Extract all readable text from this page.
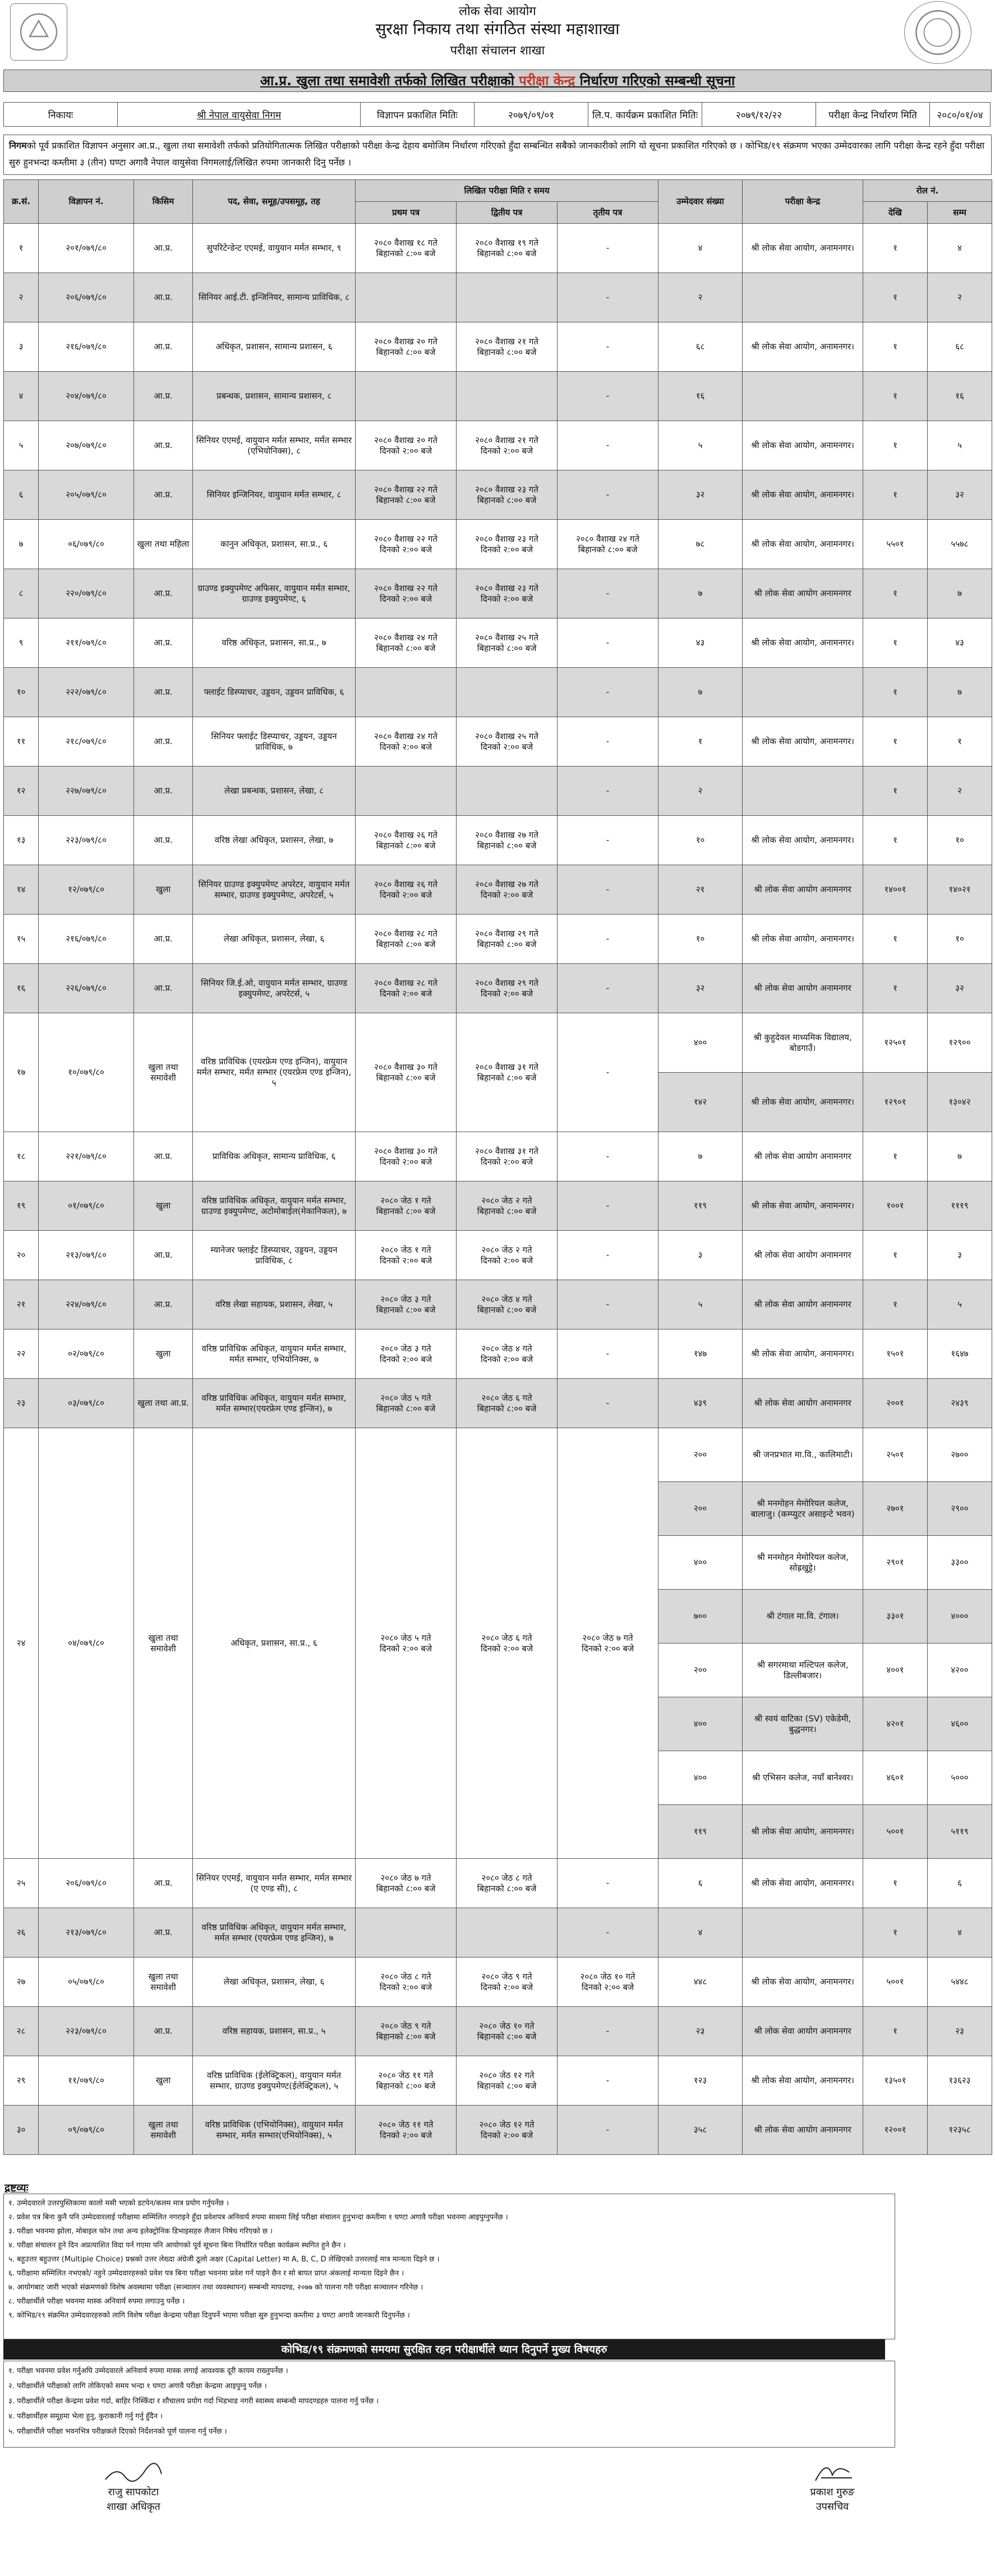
लोक सेवा आयोग
सुरक्षा निकाय तथा संगठित संस्था महाशाखा
परीक्षा संचालन शाखा
आ.प्र. खुला तथा समावेशी तर्फको लिखित परीक्षाको परीक्षा केन्द्र निर्धारण गरिएको सम्बन्धी सूचना
निकायः	श्री नेपाल वायुसेवा निगम	विज्ञापन प्रकाशित मितिः	२०७९/०९/०१	लि.प. कार्यक्रम प्रकाशित मितिः	२०७९/१२/२२	परीक्षा केन्द्र निर्धारण मिति	२०८०/०१/०४
निगमको पूर्व प्रकाशित विज्ञापन अनुसार आ.प्र., खुला तथा समावेशी तर्फको प्रतियोगितात्मक लिखित परीक्षाको परीक्षा केन्द्र देहाय बमोजिम निर्धारण गरिएको हुँदा सम्बन्धित सबैको जानकारीको लागि यो सूचना प्रकाशित गरिएको छ । कोभिड/१९ संक्रमण भएका उम्मेदवारका लागि परीक्षा केन्द्र रहने हुँदा परीक्षा सुरु हुनभन्दा कम्तीमा ३ (तीन) घण्टा अगावै नेपाल वायुसेवा निगमलाई/लिखित रुपमा जानकारी दिनु पर्नेछ ।
क्र.सं.	विज्ञापन नं.	किसिम	पद, सेवा, समूह/उपसमूह, तह	लिखित परीक्षा मिति र समय			उम्मेदवार संख्या	परीक्षा केन्द्र	रोल नं.	
				प्रथम पत्र	द्वितीय पत्र	तृतीय पत्र			देखि	सम्म
१	२०१/०७९/८०	आ.प्र.	सुपरिटेन्डेन्ट एएमई, वायुयान मर्मत सम्भार, ९	२०८० वैशाख १८ गते
बिहानको ८:०० बजे	२०८० वैशाख १९ गते
बिहानको ८:०० बजे	-	४	श्री लोक सेवा आयोग, अनामनगर।	१	४
२	२०६/०७९/८०	आ.प्र.	सिनियर आई.टी. इन्जिनियर, सामान्य प्राविधिक, ८			-	२		१	२
३	२१६/०७९/८०	आ.प्र.	अधिकृत, प्रशासन, सामान्य प्रशासन, ६	२०८० वैशाख २० गते
बिहानको ८:०० बजे	२०८० वैशाख २१ गते
बिहानको ८:०० बजे	-	६८	श्री लोक सेवा आयोग, अनामनगर।	१	६८
४	२०४/०७९/८०	आ.प्र.	प्रबन्धक, प्रशासन, सामान्य प्रशासन, ८			-	१६		१	१६
५	२०७/०७९/८०	आ.प्र.	सिनियर एएमई, वायुयान मर्मत सम्भार, मर्मत सम्भार (एभियोनिक्स), ८	२०८० वैशाख २० गते
दिनको २:०० बजे	२०८० वैशाख २१ गते
दिनको २:०० बजे	-	५	श्री लोक सेवा आयोग, अनामनगर।	१	५
६	२०५/०७९/८०	आ.प्र.	सिनियर इन्जिनियर, वायुयान मर्मत सम्भार, ८	२०८० वैशाख २२ गते
बिहानको ८:०० बजे	२०८० वैशाख २३ गते
बिहानको ८:०० बजे	-	३२	श्री लोक सेवा आयोग, अनामनगर।	१	३२
७	०६/०७९/८०	खुला तथा महिला	कानुन अधिकृत, प्रशासन, सा.प्र., ६	२०८० वैशाख २२ गते
दिनको २:०० बजे	२०८० वैशाख २३ गते
दिनको २:०० बजे	२०८० वैशाख २४ गते
बिहानको ८:०० बजे	७८	श्री लोक सेवा आयोग, अनामनगर।	५५०१	५५७८
८	२२०/०७९/८०	आ.प्र.	ग्राउण्ड इक्युपमेण्ट अफिसर, वायुयान मर्मत सम्भार, ग्राउण्ड इक्युपमेण्ट, ६	२०८० वैशाख २२ गते
दिनको २:०० बजे	२०८० वैशाख २३ गते
दिनको २:०० बजे	-	७	श्री लोक सेवा आयोग अनामनगर	१	७
९	२११/०७९/८०	आ.प्र.	वरिष्ठ अधिकृत, प्रशासन, सा.प्र., ७	२०८० वैशाख २४ गते
बिहानको ८:०० बजे	२०८० वैशाख २५ गते
बिहानको ८:०० बजे	-	४३	श्री लोक सेवा आयोग, अनामनगर।	१	४३
१०	२२२/०७९/८०	आ.प्र.	फ्लाईट डिस्प्याचर, उड्डयन, उड्डयन प्राविधिक, ६			-	७		१	७
११	२१८/०७९/८०	आ.प्र.	सिनियर फ्लाईट डिस्प्याचर, उड्डयन, उड्डयन प्राविधिक, ७	२०८० वैशाख २४ गते
दिनको २:०० बजे	२०८० वैशाख २५ गते
दिनको २:०० बजे	-	१	श्री लोक सेवा आयोग, अनामनगर।	१	१
१२	२२७/०७९/८०	आ.प्र.	लेखा प्रबन्धक, प्रशासन, लेखा, ८			-	२		१	२
१३	२२३/०७९/८०	आ.प्र.	वरिष्ठ लेखा अधिकृत, प्रशासन, लेखा, ७	२०८० वैशाख २६ गते
बिहानको ८:०० बजे	२०८० वैशाख २७ गते
बिहानको ८:०० बजे	-	१०	श्री लोक सेवा आयोग, अनामनगर।	१	१०
१४	१२/०७९/८०	खुला	सिनियर ग्राउण्ड इक्युपमेण्ट अपरेटर, वायुयान मर्मत सम्भार, ग्राउण्ड इक्युपमेण्ट, अपरेटर्स, ५	२०८० वैशाख २६ गते
दिनको २:०० बजे	२०८० वैशाख २७ गते
दिनको २:०० बजे	-	२१	श्री लोक सेवा आयोग अनामनगर	१४००१	१४०२१
१५	२१६/०७९/८०	आ.प्र.	लेखा अधिकृत, प्रशासन, लेखा, ६	२०८० वैशाख २८ गते
बिहानको ८:०० बजे	२०८० वैशाख २९ गते
बिहानको ८:०० बजे	-	१०	श्री लोक सेवा आयोग, अनामनगर।	१	१०
१६	२२६/०७९/८०	आ.प्र.	सिनियर जि.ई.ओ, वायुयान मर्मत सम्भार, ग्राउण्ड इक्युपमेण्ट, अपरेटर्स, ५	२०८० वैशाख २८ गते
दिनको २:०० बजे	२०८० वैशाख २९ गते
दिनको २:०० बजे	-	३२	श्री लोक सेवा आयोग अनामनगर	१	३२
१७	१०/०७९/८०	खुला तथा समावेशी	वरिष्ठ प्राविधिक (एयरफ्रेम एण्ड इन्जिन), वायुयान मर्मत सम्भार, मर्मत सम्भार (एयरफ्रेम एण्ड इन्जिन), ५	२०८० वैशाख ३० गते
बिहानको ८:०० बजे	२०८० वैशाख ३१ गते
बिहानको ८:०० बजे	-	४००	श्री कुहुदेवल माध्यमिक विद्यालय, बोडगाउँ।	१२५०१	१२९००
							१४२	श्री लोक सेवा आयोग, अनामनगर।	१२९०१	१३०४२
१८	२२१/०७९/८०	आ.प्र.	प्राविधिक अधिकृत, सामान्य प्राविधिक, ६	२०८० वैशाख ३० गते
दिनको २:०० बजे	२०८० वैशाख ३१ गते
दिनको २:०० बजे	-	७	श्री लोक सेवा आयोग अनामनगर	१	७
१९	०१/०७९/८०	खुला	वरिष्ठ प्राविधिक अधिकृत, वायुयान मर्मत सम्भार, ग्राउण्ड इक्युपमेण्ट, अटोमोबाईल(मेकानिकल), ७	२०८० जेठ १ गते
बिहानको ८:०० बजे	२०८० जेठ २ गते
बिहानको ८:०० बजे	-	११९	श्री लोक सेवा आयोग, अनामनगर।	१००१	१११९
२०	२१३/०७९/८०	आ.प्र.	म्यानेजर फ्लाईट डिस्प्याचर, उड्डयन, उड्डयन प्राविधिक, ८	२०८० जेठ १ गते
दिनको २:०० बजे	२०८० जेठ २ गते
दिनको २:०० बजे	-	३	श्री लोक सेवा आयोग अनामनगर	१	३
२१	२२४/०७९/८०	आ.प्र.	वरिष्ठ लेखा सहायक, प्रशासन, लेखा, ५	२०८० जेठ ३ गते
बिहानको ८:०० बजे	२०८० जेठ ४ गते
बिहानको ८:०० बजे	-	५	श्री लोक सेवा आयोग अनामनगर	१	५
२२	०२/०७९/८०	खुला	वरिष्ठ प्राविधिक अधिकृत, वायुयान मर्मत सम्भार, मर्मत सम्भार, एभियोनिक्स, ७	२०८० जेठ ३ गते
दिनको २:०० बजे	२०८० जेठ ४ गते
दिनको २:०० बजे	-	१४७	श्री लोक सेवा आयोग, अनामनगर।	१५०१	१६४७
२३	०३/०७९/८०	खुला तथा आ.प्र.	वरिष्ठ प्राविधिक अधिकृत, वायुयान मर्मत सम्भार, मर्मत सम्भार(एयरफ्रेम एण्ड इन्जिन), ७	२०८० जेठ ५ गते
बिहानको ८:०० बजे	२०८० जेठ ६ गते
बिहानको ८:०० बजे	-	४३९	श्री लोक सेवा आयोग अनामनगर	२००१	२४३९
२४	०४/०७९/८०	खुला तथा समावेशी	अधिकृत, प्रशासन, सा.प्र., ६	२०८० जेठ ५ गते
दिनको २:०० बजे	२०८० जेठ ६ गते
दिनको २:०० बजे	२०८० जेठ ७ गते
दिनको २:०० बजे	२००	श्री जनप्रभात मा.वि., कालिमाटी।	२५०१	२७००
							२००	श्री मनमोहन मेमोरियल कलेज, बालाजु। (कम्प्युटर असाइन्टे भवन)	२७०१	२९००
							४००	श्री मनमोहन मेमोरियल कलेज, सोह्रखुट्टे।	२९०१	३३००
							७००	श्री टंगाल मा.वि. टंगाल।	३३०१	४०००
							२००	श्री सगरमाथा मल्टिपल कलेज, डिल्लीबजार।	४००१	४२००
							४००	श्री स्वयं वाटिका (SV) एकेडेमी, बुद्धनगर।	४२०१	४६००
							४००	श्री एभिसन कलेज, नयाँ बानेश्वर।	४६०१	५०००
							११९	श्री लोक सेवा आयोग, अनामनगर।	५००१	५११९
२५	२०६/०७९/८०	आ.प्र.	सिनियर एएमई, वायुयान मर्मत सम्भार, मर्मत सम्भार (ए एण्ड सी), ८	२०८० जेठ ७ गते
बिहानको ८:०० बजे	२०८० जेठ ८ गते
बिहानको ८:०० बजे	-	६	श्री लोक सेवा आयोग, अनामनगर।	१	६
२६	२१३/०७९/८०	आ.प्र.	वरिष्ठ प्राविधिक अधिकृत, वायुयान मर्मत सम्भार, मर्मत सम्भार (एयरफ्रेम एण्ड इन्जिन), ७			-	४		१	४
२७	०५/०७९/८०	खुला तथा समावेशी	लेखा अधिकृत, प्रशासन, लेखा, ६	२०८० जेठ ८ गते
दिनको २:०० बजे	२०८० जेठ ९ गते
दिनको २:०० बजे	२०८० जेठ १० गते
दिनको २:०० बजे	४४८	श्री लोक सेवा आयोग, अनामनगर।	५००१	५४४८
२८	२२३/०७९/८०	आ.प्र.	वरिष्ठ सहायक, प्रशासन, सा.प्र., ५	२०८० जेठ ९ गते
बिहानको ८:०० बजे	२०८० जेठ १० गते
बिहानको ८:०० बजे	-	२३	श्री लोक सेवा आयोग अनामनगर	१	२३
२९	११/०७९/८०	खुला	वरिष्ठ प्राविधिक (ईलेक्ट्रिकल), वायुयान मर्मत सम्भार, ग्राउण्ड इक्युपमेण्ट(ईलेक्ट्रिकल), ५	२०८० जेठ ११ गते
बिहानको ८:०० बजे	२०८० जेठ १२ गते
बिहानको ८:०० बजे	-	१२३	श्री लोक सेवा आयोग, अनामनगर।	१३५०१	१३६२३
३०	०९/०७९/८०	खुला तथा समावेशी	वरिष्ठ प्राविधिक (एभियोनिक्स), वायुयान मर्मत सम्भार, मर्मत सम्भार(एभियोनिक्स), ५	२०८० जेठ ११ गते
दिनको २:०० बजे	२०८० जेठ १२ गते
दिनको २:०० बजे	-	३५८	श्री लोक सेवा आयोग अनामनगर	१२००१	१२३५८
द्रष्टव्यः
१. उम्मेदवारले उत्तरपुस्तिकामा कालो मसी भएको डटपेन/कलम मात्र प्रयोग गर्नुपर्नेछ ।
२. प्रवेश पत्र बिना कुनै पनि उम्मेदवारलाई परीक्षामा सम्मिलित नगराइने हुँदा प्रवेशपत्र अनिवार्य रुपमा साथमा लिई परीक्षा संचालन हुनुभन्दा कम्तीमा १ घण्टा अगावै परीक्षा भवनमा आइपुग्नुपर्नेछ ।
३. परीक्षा भवनमा झोला, मोबाइल फोन तथा अन्य इलेक्ट्रोनिक डिभाइसहरु लैजान निषेध गरिएको छ ।
४. परीक्षा संचालन हुने दिन अप्रत्याशित विदा पर्न गएमा पनि आयोगको पूर्व सूचना बिना निर्धारित परीक्षा कार्यक्रम स्थगित हुने छैन ।
५. बहुउत्तर बहुउत्तर (Multiple Choice) प्रश्नको उत्तर लेख्दा अंग्रेजी ठूलो अक्षर (Capital Letter) मा A, B, C, D लेखिएको उत्तरलाई मात्र मान्यता दिइने छ ।
६. परीक्षामा सम्मिलित नभएको/ नहुने उम्मेदवारहरुको प्रवेश पत्र बिना परीक्षा भवनमा प्रवेश गर्न पाइने छैन र सो बापत प्राप्त अंकलाई मान्यता दिइने छैन ।
७. आयोगबाट जारी भएको संक्रमणको विशेष अवस्थामा परीक्षा (सञ्चालन तथा व्यवस्थापन) सम्बन्धी मापदण्ड, २०७७ को पालना गरी परीक्षा सञ्चालन गरिनेछ ।
८. परीक्षार्थीले परीक्षा भवनमा मास्क अनिवार्य रुपमा लगाउनु पर्नेछ ।
९. कोभिड/१९ संक्रमित उम्मेदवारहरुको लागि विशेष परीक्षा केन्द्रमा परीक्षा दिनुपर्ने भएमा परीक्षा सुरु हुनुभन्दा कम्तीमा ३ घण्टा अगावै जानकारी दिनुपर्नेछ ।
कोभिड/१९ संक्रमणको समयमा सुरक्षित रहन परीक्षार्थीले ध्यान दिनुपर्ने मुख्य विषयहरु
१. परीक्षा भवनमा प्रवेश गर्नुअघि उम्मेदवारले अनिवार्य रुपमा मास्क लगाई आवश्यक दूरी कायम राख्नुपर्नेछ ।
२. परीक्षार्थीले परीक्षाको लागि तोकिएको समय भन्दा १ घण्टा अगावै परीक्षा केन्द्रमा आइपुग्नु पर्नेछ ।
३. परीक्षार्थीले परीक्षा केन्द्रमा प्रवेश गर्दा, बाहिर निस्किँदा र शौचालय प्रयोग गर्दा भिडभाड नगरी स्वास्थ्य सम्बन्धी मापदण्डहरु पालना गर्नु पर्नेछ ।
४. परीक्षार्थीहरु समूहमा भेला हुनु, कुराकानी गर्नु गर्नु हुँदैन ।
५. परीक्षार्थीले परीक्षा भवनभित्र परीक्षकले दिएको निर्देशनको पूर्ण पालना गर्नु पर्नेछ ।
राजु सापकोटा
शाखा अधिकृत
प्रकाश गुरुङ
उपसचिव
